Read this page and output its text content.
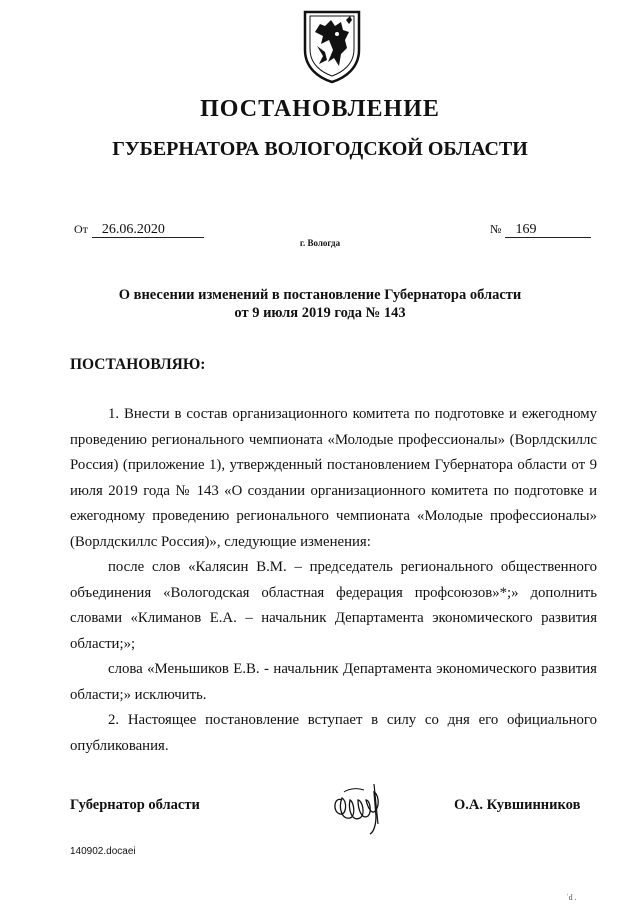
ПОСТАНОВЛЕНИЕ
ГУБЕРНАТОРА ВОЛОГОДСКОЙ ОБЛАСТИ
От 26.06.2020	№ 169
г. Вологда
О внесении изменений в постановление Губернатора области
от 9 июля 2019 года № 143
ПОСТАНОВЛЯЮ:

1. Внести в состав организационного комитета по подготовке и ежегодному проведению регионального чемпионата «Молодые профессионалы» (Ворлдскиллс Россия) (приложение 1), утвержденный постановлением Губернатора области от 9 июля 2019 года № 143 «О создании организационного комитета по подготовке и ежегодному проведению регионального чемпионата «Молодые профессионалы» (Ворлдскиллс Россия)», следующие изменения:

после слов «Калясин В.М. – председатель регионального общественного объединения «Вологодская областная федерация профсоюзов»*;» дополнить словами «Климанов Е.А. – начальник Департамента экономического развития области;»;

слова «Меньшиков Е.В. - начальник Департамента экономического развития области;» исключить.

2. Настоящее постановление вступает в силу со дня его официального опубликования.

Губернатор области	О.А. Кувшинников
140902.docaei
ʿd .
